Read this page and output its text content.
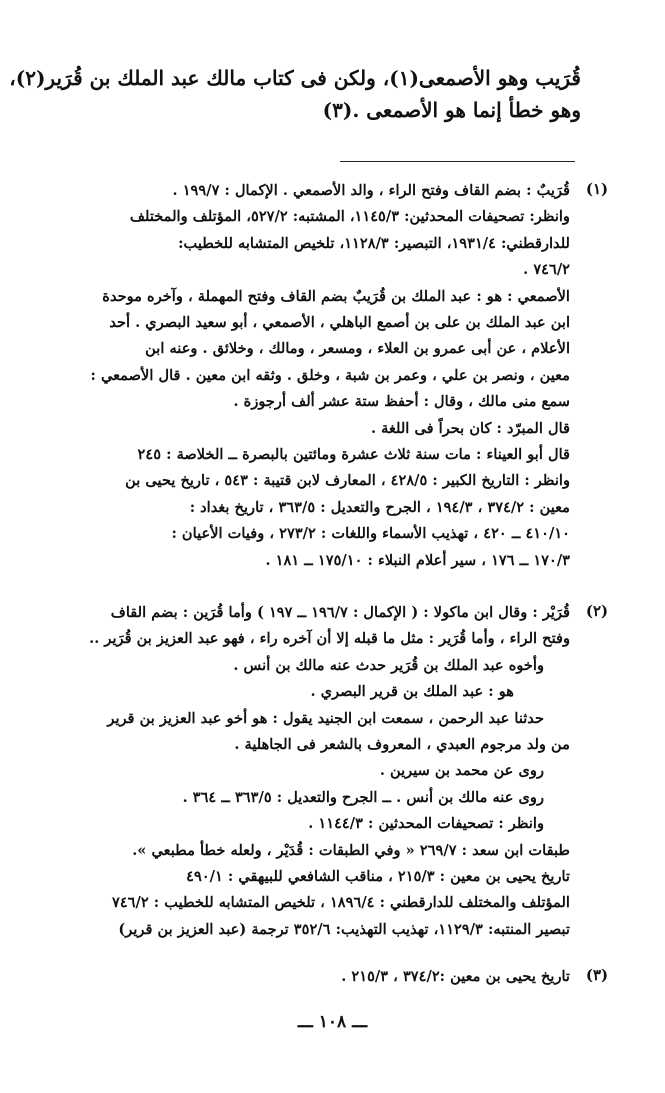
قُرَيب وهو الأصمعى(١)، ولكن فى كتاب مالك عبد الملك بن قُرَير(٢)،
وهو خطأ إنما هو الأصمعى .(٣)
(١)
قُرَيبٌ : بضم القاف وفتح الراء ، والد الأصمعي . الإكمال : ١٩٩/٧ .
وانظر: تصحيفات المحدثين: ١١٤٥/٣، المشتبه: ٥٢٧/٢، المؤتلف والمختلف
للدارقطني: ١٩٣١/٤، التبصير: ١١٢٨/٣، تلخيص المتشابه للخطيب:
٧٤٦/٢ .
الأصمعي : هو : عبد الملك بن قُرَيبٌ بضم القاف وفتح المهملة ، وآخره موحدة
ابن عبد الملك بن على بن أصمع الباهلي ، الأصمعي ، أبو سعيد البصري . أحد
الأعلام ، عن أبى عمرو بن العلاء ، ومسعر ، ومالك ، وخلائق . وعنه ابن
معين ، ونصر بن علي ، وعمر بن شبة ، وخلق . وثقه ابن معين . قال الأصمعي :
سمع منى مالك ، وقال : أحفظ ستة عشر ألف أرجوزة .
قال المبرّد : كان بحراً فى اللغة .
قال أبو العيناء : مات سنة ثلاث عشرة ومائتين بالبصرة ــ الخلاصة : ٢٤٥
وانظر : التاريخ الكبير : ٤٢٨/٥ ، المعارف لابن قتيبة : ٥٤٣ ، تاريخ يحيى بن
معين : ٣٧٤/٢ ، ١٩٤/٣ ، الجرح والتعديل : ٣٦٣/٥ ، تاريخ بغداد :
٤١٠/١٠ ــ ٤٢٠ ، تهذيب الأسماء واللغات : ٢٧٣/٢ ، وفيات الأعيان :
١٧٠/٣ ــ ١٧٦ ، سير أعلام النبلاء : ١٧٥/١٠ ــ ١٨١ .
(٢)
قُرَيْر : وقال ابن ماكولا : ( الإكمال : ١٩٦/٧ ــ ١٩٧ ) وأما قُرَين : بضم القاف
وفتح الراء ، وأما قُرَير : مثل ما قبله إلا أن آخره راء ، فهو عبد العزيز بن قُرَير ..
وأخوه عبد الملك بن قُرَير حدث عنه مالك بن أنس .
هو : عبد الملك بن قرير البصري .
حدثنا عبد الرحمن ، سمعت ابن الجنيد يقول : هو أخو عبد العزيز بن قرير
من ولد مرجوم العبدي ، المعروف بالشعر فى الجاهلية .
روى عن محمد بن سيرين .
روى عنه مالك بن أنس . ــ الجرح والتعديل : ٣٦٣/٥ ــ ٣٦٤ .
وانظر : تصحيفات المحدثين : ١١٤٤/٣ .
طبقات ابن سعد : ٢٦٩/٧ « وفي الطبقات : قُدَيْر ، ولعله خطأ مطبعي ».
تاريخ يحيى بن معين : ٢١٥/٣ ، مناقب الشافعي للبيهقي : ٤٩٠/١
المؤتلف والمختلف للدارقطني : ١٨٩٦/٤ ، تلخيص المتشابه للخطيب : ٧٤٦/٢
تبصير المنتبه: ١١٢٩/٣، تهذيب التهذيب: ٣٥٢/٦ ترجمة (عبد العزيز بن قرير)
(٣)
تاريخ يحيى بن معين :٣٧٤/٢ ، ٢١٥/٣ .
ـــ ١٠٨ ـــ
